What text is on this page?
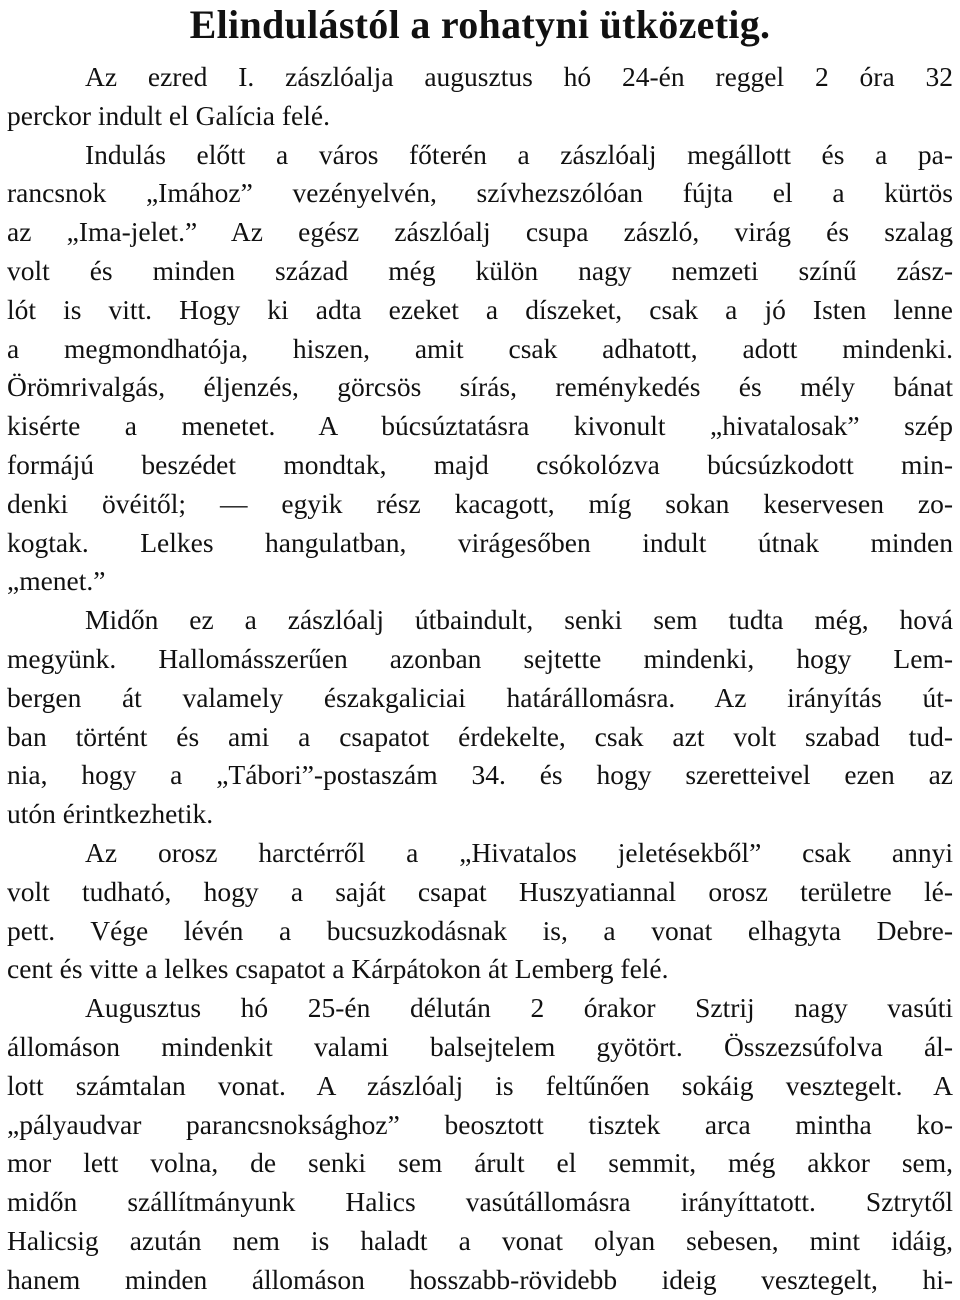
Elindulástól a rohatyni ütközetig.
Az ezred I. zászlóalja augusztus hó 24-én reggel 2 óra 32
perckor indult el Galícia felé.
Indulás előtt a város főterén a zászlóalj megállott és a pa-
rancsnok „Imához” vezényelvén, szívhezszólóan fújta el a kürtös
az „Ima-jelet.” Az egész zászlóalj csupa zászló, virág és szalag
volt és minden század még külön nagy nemzeti színű zász-
lót is vitt. Hogy ki adta ezeket a díszeket, csak a jó Isten lenne
a megmondhatója, hiszen, amit csak adhatott, adott mindenki.
Örömrivalgás, éljenzés, görcsös sírás, reménykedés és mély bánat
kisérte a menetet. A búcsúztatásra kivonult „hivatalosak” szép
formájú beszédet mondtak, majd csókolózva búcsúzkodott min-
denki övéitől; — egyik rész kacagott, míg sokan keservesen zo-
kogtak. Lelkes hangulatban, virágesőben indult útnak minden
„menet.”
Midőn ez a zászlóalj útbaindult, senki sem tudta még, hová
megyünk. Hallomásszerűen azonban sejtette mindenki, hogy Lem-
bergen át valamely északgaliciai határállomásra. Az irányítás út-
ban történt és ami a csapatot érdekelte, csak azt volt szabad tud-
nia, hogy a „Tábori”-postaszám 34. és hogy szeretteivel ezen az
utón érintkezhetik.
Az orosz harctérről a „Hivatalos jeletésekből” csak annyi
volt tudható, hogy a saját csapat Huszyatiannal orosz területre lé-
pett. Vége lévén a bucsuzkodásnak is, a vonat elhagyta Debre-
cent és vitte a lelkes csapatot a Kárpátokon át Lemberg felé.
Augusztus hó 25-én délután 2 órakor Sztrij nagy vasúti
állomáson mindenkit valami balsejtelem gyötört. Összezsúfolva ál-
lott számtalan vonat. A zászlóalj is feltűnően sokáig vesztegelt. A
„pályaudvar parancsnoksághoz” beosztott tisztek arca mintha ko-
mor lett volna, de senki sem árult el semmit, még akkor sem,
midőn szállítmányunk Halics vasútállomásra irányíttatott. Sztrytől
Halicsig azután nem is haladt a vonat olyan sebesen, mint idáig,
hanem minden állomáson hosszabb-rövidebb ideig vesztegelt, hi-
